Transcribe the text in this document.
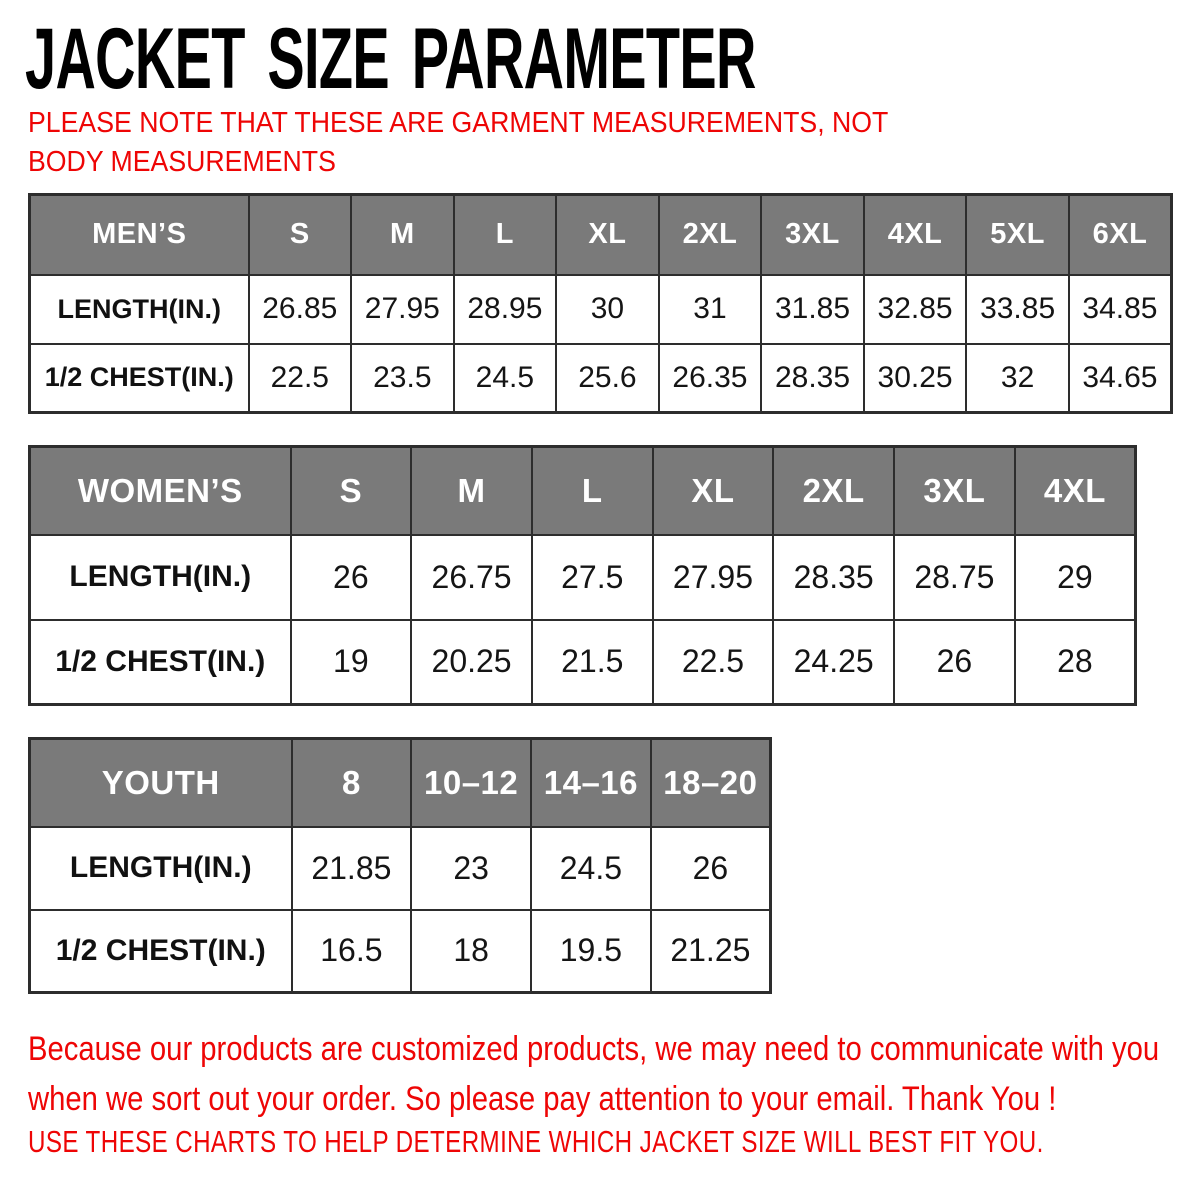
JACKET SIZE PARAMETER
PLEASE NOTE THAT THESE ARE GARMENT MEASUREMENTS, NOT BODY MEASUREMENTS
MEN’S	S	M	L	XL	2XL	3XL	4XL	5XL	6XL
LENGTH(IN.)	26.85	27.95	28.95	30	31	31.85	32.85	33.85	34.85
1/2 CHEST(IN.)	22.5	23.5	24.5	25.6	26.35	28.35	30.25	32	34.65
WOMEN’S	S	M	L	XL	2XL	3XL	4XL
LENGTH(IN.)	26	26.75	27.5	27.95	28.35	28.75	29
1/2 CHEST(IN.)	19	20.25	21.5	22.5	24.25	26	28
YOUTH	8	10–12	14–16	18–20
LENGTH(IN.)	21.85	23	24.5	26
1/2 CHEST(IN.)	16.5	18	19.5	21.25
Because our products are customized products, we may need to communicate with you
when we sort out your order. So please pay attention to your email. Thank You !
USE THESE CHARTS TO HELP DETERMINE WHICH JACKET SIZE WILL BEST FIT YOU.
